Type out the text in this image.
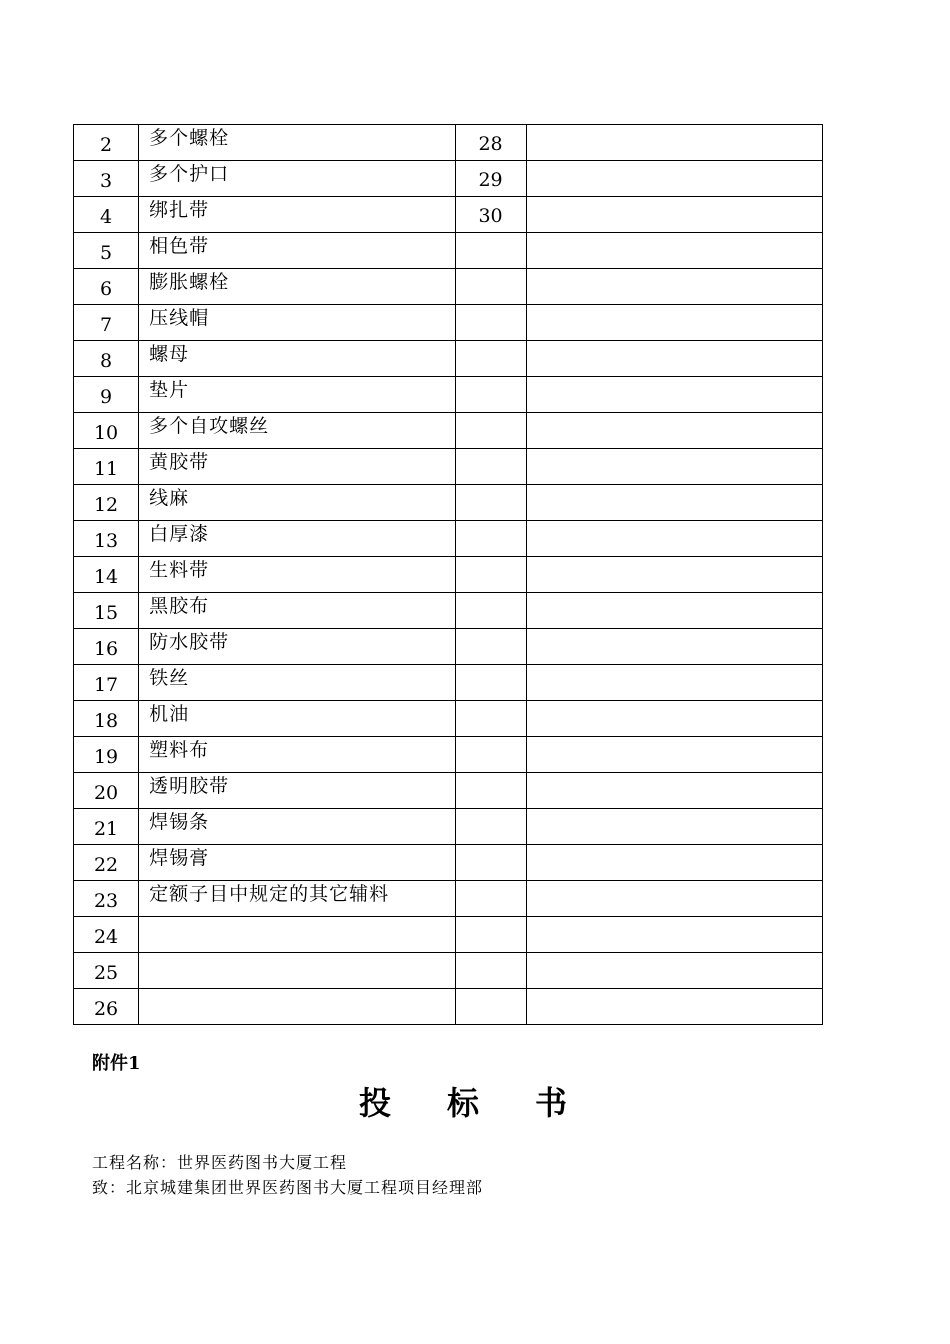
2	多个螺栓	28	
3	多个护口	29	
4	绑扎带	30	
5	相色带		
6	膨胀螺栓		
7	压线帽		
8	螺母		
9	垫片		
10	多个自攻螺丝		
11	黄胶带		
12	线麻		
13	白厚漆		
14	生料带		
15	黑胶布		
16	防水胶带		
17	铁丝		
18	机油		
19	塑料布		
20	透明胶带		
21	焊锡条		
22	焊锡膏		
23	定额子目中规定的其它辅料		
24			
25			
26			
附件1
投标书
工程名称：世界医药图书大厦工程
致：北京城建集团世界医药图书大厦工程项目经理部
